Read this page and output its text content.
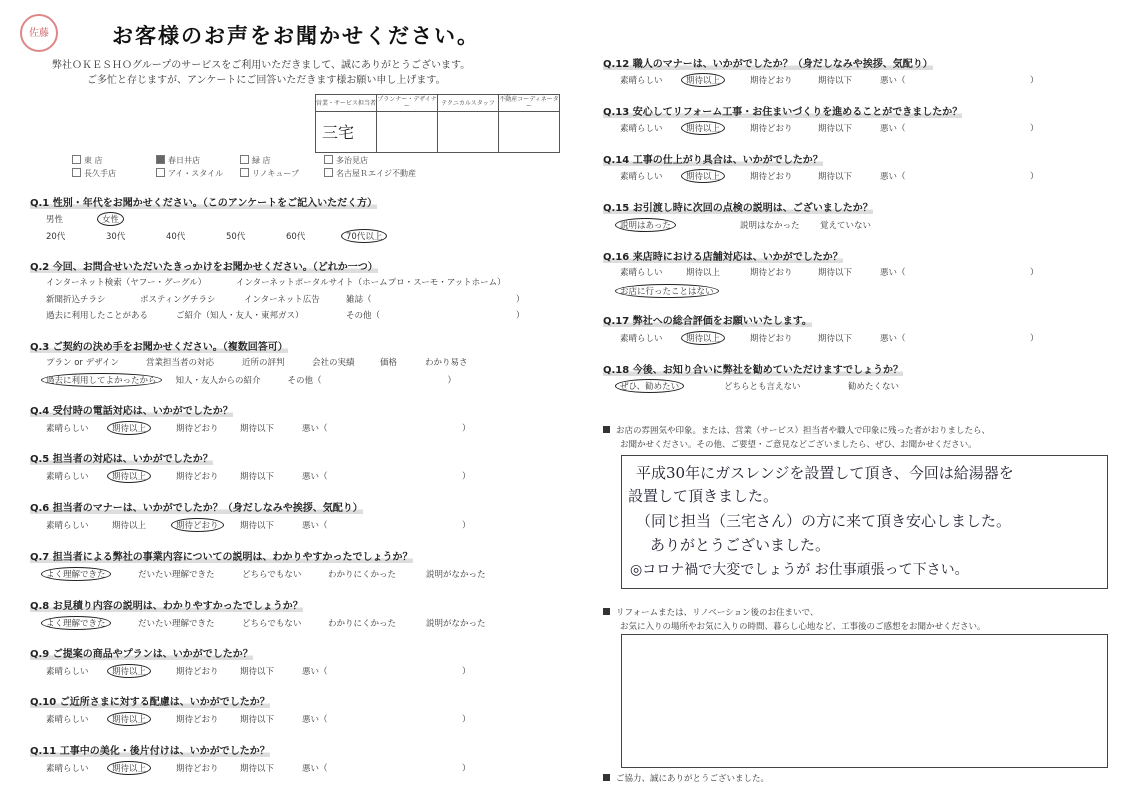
佐藤	お客様のお声をお聞かせください。
弊社ＯＫＥＳＨＯグループのサービスをご利用いただきまして、誠にありがとうございます。
ご多忙と存じますが、アンケートにご回答いただきます様お願い申し上げます。
営業・サービス担当者	プランナー・デザイナー	テクニカルスタッフ	不動産コーディネーター
三宅			
東 店	春日井店	緑 店	多治見店
長久手店	アイ・スタイル	リノキューブ	名古屋Ｒエイジ不動産
Q.1 性別・年代をお聞かせください。（このアンケートをご記入いただく方）
男性	女性
20代	30代	40代	50代	60代	70代以上
Q.2 今回、お問合せいただいたきっかけをお聞かせください。（どれか一つ）
インターネット検索（ヤフー・グーグル）	インターネットポータルサイト（ホームプロ・スーモ・アットホーム）
新聞折込チラシ	ポスティングチラシ	インターネット広告	雑誌（	）
過去に利用したことがある	ご紹介（知人・友人・東邦ガス）	その他（	）
Q.3 ご契約の決め手をお聞かせください。（複数回答可）
プラン or デザイン	営業担当者の対応	近所の評判	会社の実績	価格	わかり易さ
過去に利用してよかったから 知人・友人からの紹介	その他（	）
Q.4 受付時の電話対応は、いかがでしたか？
素晴らしい	期待以上	期待どおり	期待以下	悪い（	）
Q.5 担当者の対応は、いかがでしたか？
素晴らしい	期待以上	期待どおり	期待以下	悪い（	）
Q.6 担当者のマナーは、いかがでしたか？（身だしなみや挨拶、気配り）
素晴らしい	期待以上	期待どおり	期待以下	悪い（	）
Q.7 担当者による弊社の事業内容についての説明は、わかりやすかったでしょうか？
よく理解できた	だいたい理解できた	どちらでもない	わかりにくかった	説明がなかった
Q.8 お見積り内容の説明は、わかりやすかったでしょうか？
よく理解できた	だいたい理解できた	どちらでもない	わかりにくかった	説明がなかった
Q.9 ご提案の商品やプランは、いかがでしたか？
素晴らしい	期待以上	期待どおり	期待以下	悪い（	）
Q.10 ご近所さまに対する配慮は、いかがでしたか？
素晴らしい	期待以上	期待どおり	期待以下	悪い（	）
Q.11 工事中の美化・後片付けは、いかがでしたか？
素晴らしい	期待以上	期待どおり	期待以下	悪い（	）
Q.12 職人のマナーは、いかがでしたか？（身だしなみや挨拶、気配り）
素晴らしい	期待以上	期待どおり	期待以下	悪い（	）
Q.13 安心してリフォーム工事・お住まいづくりを進めることができましたか？
素晴らしい	期待以上	期待どおり	期待以下	悪い（	）
Q.14 工事の仕上がり具合は、いかがでしたか？
素晴らしい	期待以上	期待どおり	期待以下	悪い（	）
Q.15 お引渡し時に次回の点検の説明は、ございましたか？
説明はあった	説明はなかった 覚えていない
Q.16 来店時における店舗対応は、いかがでしたか？
素晴らしい	期待以上	期待どおり	期待以下	悪い（	）
お店に行ったことはない
Q.17 弊社への総合評価をお願いいたします。
素晴らしい	期待以上	期待どおり	期待以下	悪い（	）
Q.18 今後、お知り合いに弊社を勧めていただけますでしょうか？
ぜひ、勧めたい	どちらとも言えない	勧めたくない
お店の雰囲気や印象。または、営業（サービス）担当者や職人で印象に残った者がおりましたら、
お聞かせください。その他、ご要望・ご意見などございましたら、ぜひ、お聞かせください。
平成30年にガスレンジを設置して頂き、今回は給湯器を
設置して頂きました。
（同じ担当（三宅さん）の方に来て頂き安心しました。
ありがとうございました。
◎コロナ禍で大変でしょうが お仕事頑張って下さい。
リフォームまたは、リノベーション後のお住まいで、
お気に入りの場所やお気に入りの時間、暮らし心地など、工事後のご感想をお聞かせください。
ご協力、誠にありがとうございました。
